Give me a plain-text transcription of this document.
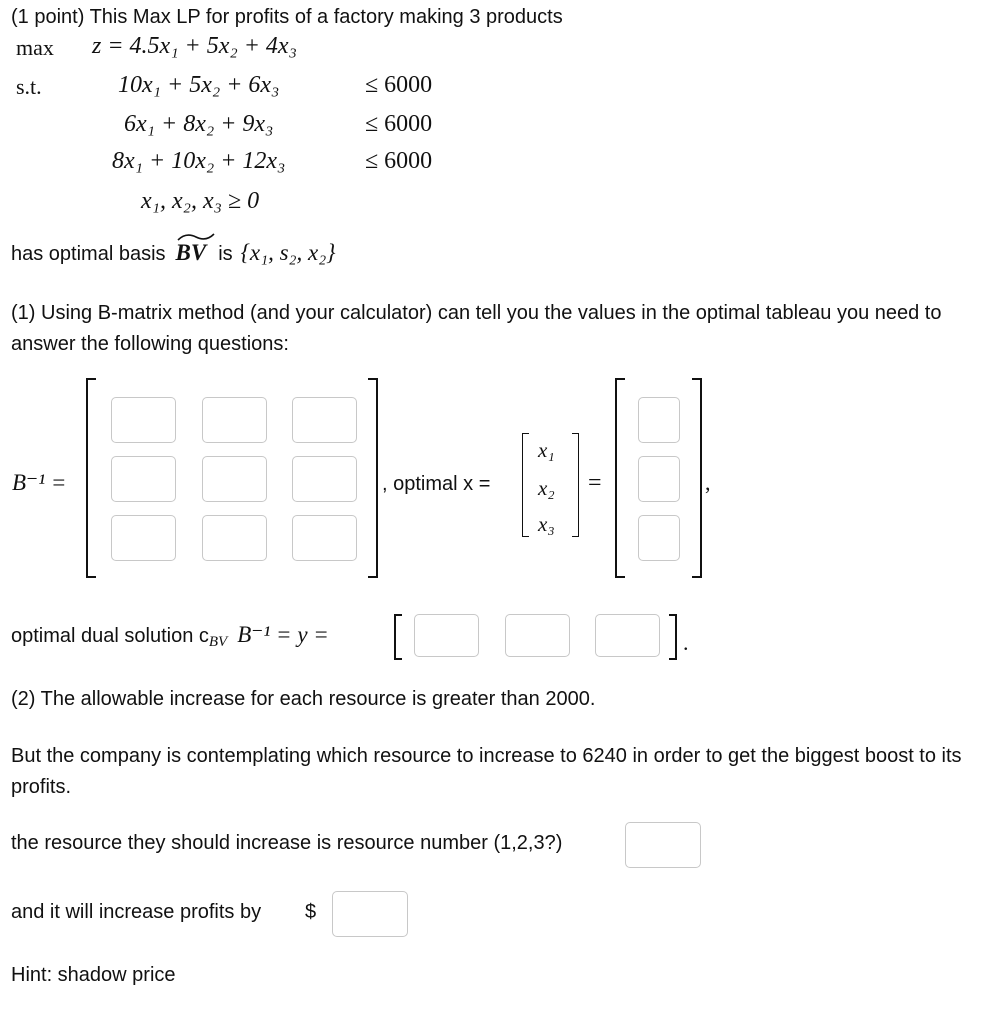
(1 point) This Max LP for profits of a factory making 3 products
max z = 4.5x₁ + 5x₂ + 4x₃
s.t.	10x₁ + 5x₂ + 6x₃	≤ 6000
6x₁ + 8x₂ + 9x₃	≤ 6000
8x₁ + 10x₂ + 12x₃	≤ 6000
x₁, x₂, x₃ ≥ 0
has optimal basis BV is {x₁, s₂, x₂}
(1) Using B-matrix method (and your calculator) can tell you the values in the optimal tableau you need to answer the following questions:
B⁻¹ =	, optimal x =
x₁
x₂
x₃
=	,
optimal dual solution cBV B⁻¹ = y =	.
(2) The allowable increase for each resource is greater than 2000.
But the company is contemplating which resource to increase to 6240 in order to get the biggest boost to its profits.
the resource they should increase is resource number (1,2,3?)
and it will increase profits by $
Hint: shadow price
